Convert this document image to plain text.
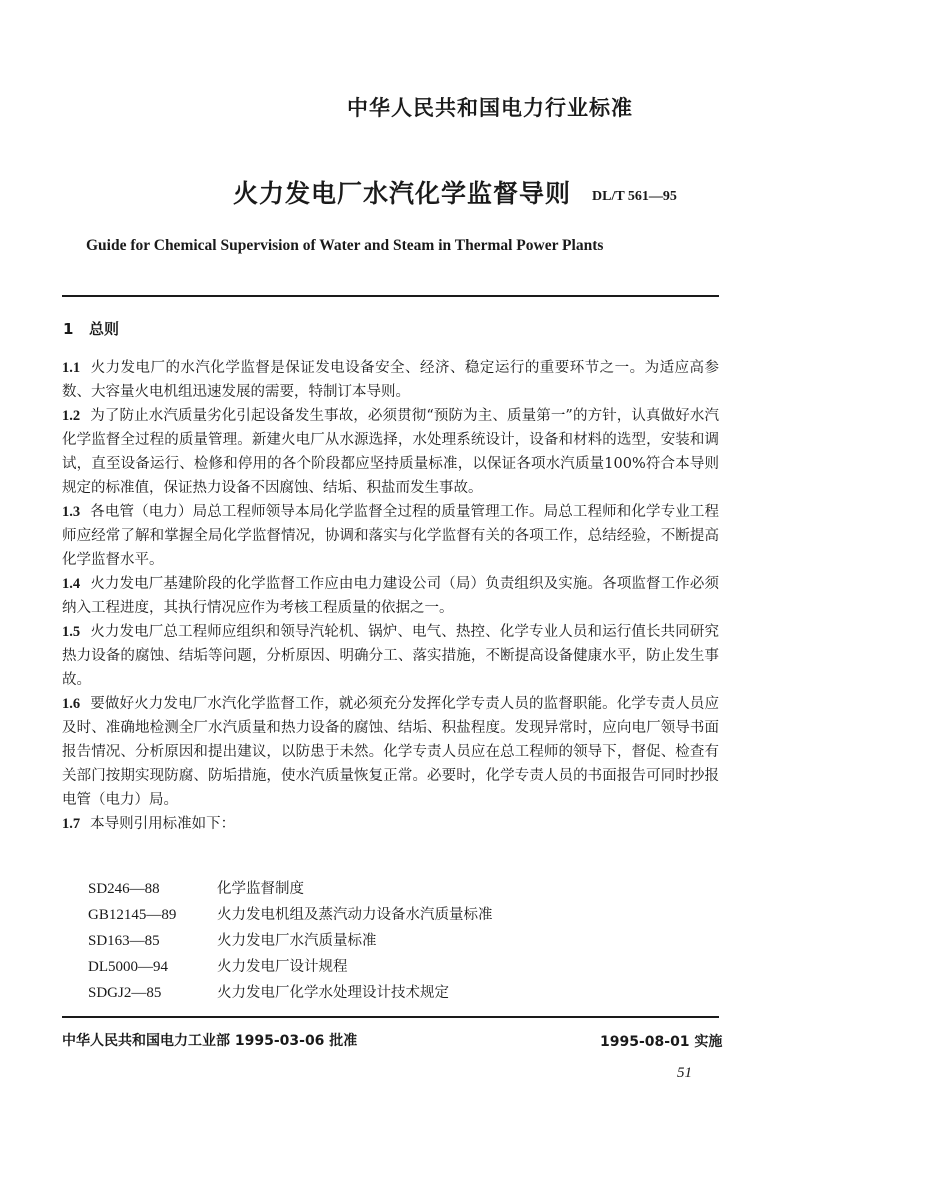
中华人民共和国电力行业标准
火力发电厂水汽化学监督导则 DL/T 561—95
Guide for Chemical Supervision of Water and Steam in Thermal Power Plants
1 总则

1.1 火力发电厂的水汽化学监督是保证发电设备安全、经济、稳定运行的重要环节之一。为适应高参数、大容量火电机组迅速发展的需要，特制订本导则。

1.2 为了防止水汽质量劣化引起设备发生事故，必须贯彻“预防为主、质量第一”的方针，认真做好水汽化学监督全过程的质量管理。新建火电厂从水源选择，水处理系统设计，设备和材料的选型，安装和调试，直至设备运行、检修和停用的各个阶段都应坚持质量标准，以保证各项水汽质量100%符合本导则规定的标准值，保证热力设备不因腐蚀、结垢、积盐而发生事故。

1.3 各电管（电力）局总工程师领导本局化学监督全过程的质量管理工作。局总工程师和化学专业工程师应经常了解和掌握全局化学监督情况，协调和落实与化学监督有关的各项工作，总结经验，不断提高化学监督水平。

1.4 火力发电厂基建阶段的化学监督工作应由电力建设公司（局）负责组织及实施。各项监督工作必须纳入工程进度，其执行情况应作为考核工程质量的依据之一。

1.5 火力发电厂总工程师应组织和领导汽轮机、锅炉、电气、热控、化学专业人员和运行值长共同研究热力设备的腐蚀、结垢等问题，分析原因、明确分工、落实措施，不断提高设备健康水平，防止发生事故。

1.6 要做好火力发电厂水汽化学监督工作，就必须充分发挥化学专责人员的监督职能。化学专责人员应及时、准确地检测全厂水汽质量和热力设备的腐蚀、结垢、积盐程度。发现异常时，应向电厂领导书面报告情况、分析原因和提出建议，以防患于未然。化学专责人员应在总工程师的领导下，督促、检查有关部门按期实现防腐、防垢措施，使水汽质量恢复正常。必要时，化学专责人员的书面报告可同时抄报电管（电力）局。

1.7 本导则引用标准如下：

SD246—88	化学监督制度
GB12145—89	火力发电机组及蒸汽动力设备水汽质量标准
SD163—85	火力发电厂水汽质量标准
DL5000—94	火力发电厂设计规程
SDGJ2—85	火力发电厂化学水处理设计技术规定
中华人民共和国电力工业部 1995-03-06 批准	1995-08-01 实施
51
